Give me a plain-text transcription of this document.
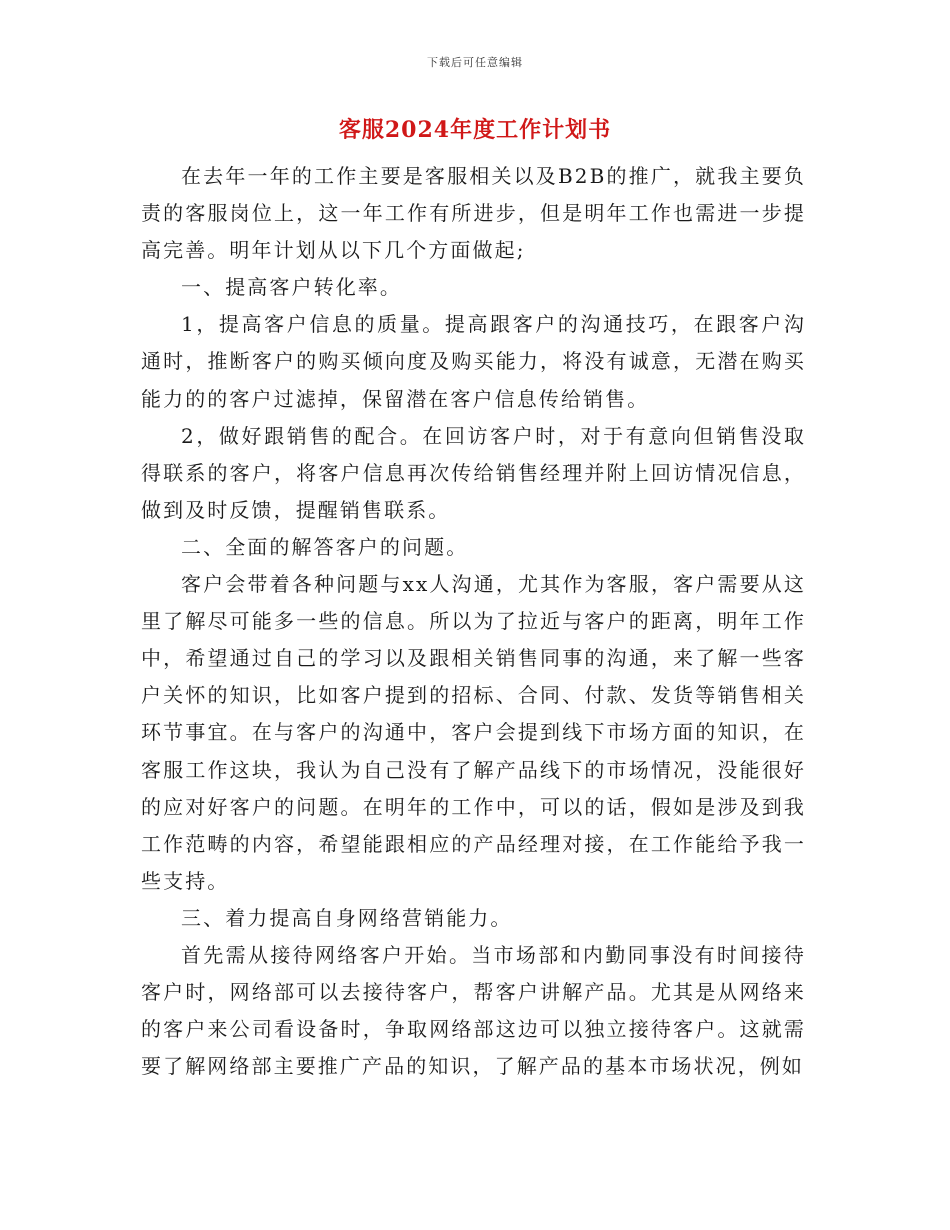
下载后可任意编辑
客服2024年度工作计划书

在去年一年的工作主要是客服相关以及B2B的推广，就我主要负责的客服岗位上，这一年工作有所进步，但是明年工作也需进一步提高完善。明年计划从以下几个方面做起;

一、提高客户转化率。

1，提高客户信息的质量。提高跟客户的沟通技巧，在跟客户沟通时，推断客户的购买倾向度及购买能力，将没有诚意，无潜在购买能力的的客户过滤掉，保留潜在客户信息传给销售。

2，做好跟销售的配合。在回访客户时，对于有意向但销售没取得联系的客户，将客户信息再次传给销售经理并附上回访情况信息，做到及时反馈，提醒销售联系。

二、全面的解答客户的问题。

客户会带着各种问题与xx人沟通，尤其作为客服，客户需要从这里了解尽可能多一些的信息。所以为了拉近与客户的距离，明年工作中，希望通过自己的学习以及跟相关销售同事的沟通，来了解一些客户关怀的知识，比如客户提到的招标、合同、付款、发货等销售相关环节事宜。在与客户的沟通中，客户会提到线下市场方面的知识，在客服工作这块，我认为自己没有了解产品线下的市场情况，没能很好的应对好客户的问题。在明年的工作中，可以的话，假如是涉及到我工作范畴的内容，希望能跟相应的产品经理对接，在工作能给予我一些支持。

三、着力提高自身网络营销能力。

首先需从接待网络客户开始。当市场部和内勤同事没有时间接待客户时，网络部可以去接待客户，帮客户讲解产品。尤其是从网络来的客户来公司看设备时，争取网络部这边可以独立接待客户。这就需要了解网络部主要推广产品的知识，了解产品的基本市场状况，例如
